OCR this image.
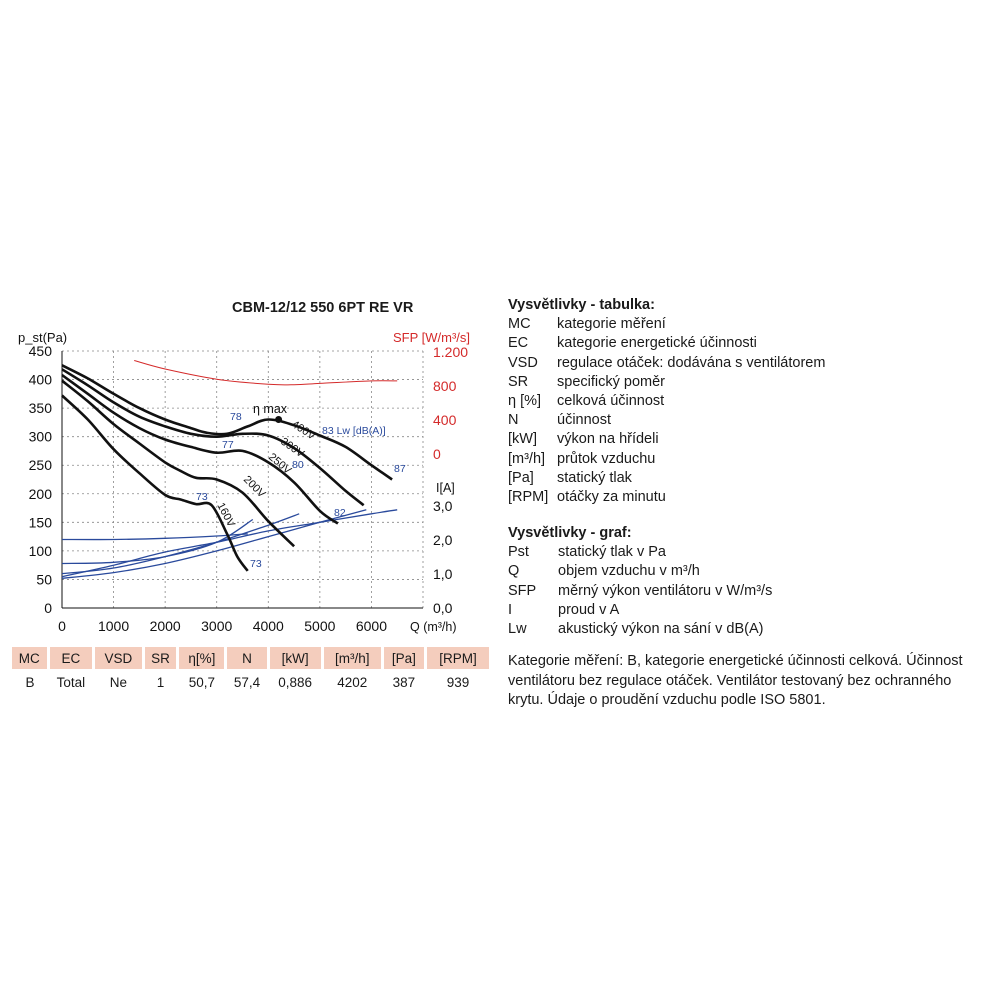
0
50
100
150
200
250
300
350
400
450
0 1000 2000 3000 4000 5000 6000 Q (m³/h)
p_st(Pa)
0
400
800
1.200
SFP [W/m³/s]
0,0
1,0
2,0
3,0
I[A]
η max
400V
300V
250V
200V
160V
78
77
73
73
80
82
87
83 Lw [dB(A)]
CBM-12/12 550 6PT RE VR
MC	EC	VSD	SR	η[%]	N	[kW]	[m³/h]	[Pa]	[RPM]
B	Total	Ne	1	50,7	57,4	0,886	4202	387	939
Vysvětlivky - tabulka:
MC	kategorie měření
EC	kategorie energetické účinnosti
VSD	regulace otáček: dodávána s ventilátorem
SR	specifický poměr
η [%]	celková účinnost
N	účinnost
[kW]	výkon na hřídeli
[m³/h] průtok vzduchu
[Pa]	statický tlak
[RPM] otáčky za minutu
Vysvětlivky - graf:
Pst	statický tlak v Pa
Q	objem vzduchu v m³/h
SFP	měrný výkon ventilátoru v W/m³/s
I	proud v A
Lw	akustický výkon na sání v dB(A)
Kategorie měření: B, kategorie energetické účinnosti celková. Účinnost ventilátoru bez regulace otáček. Ventilátor testovaný bez ochranného krytu. Údaje o proudění vzduchu podle ISO 5801.
